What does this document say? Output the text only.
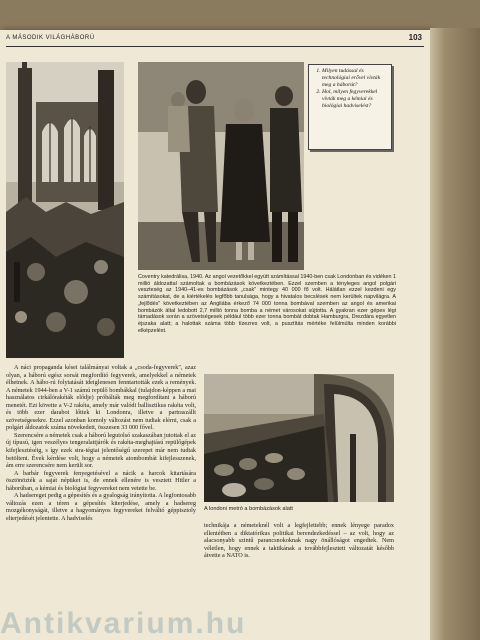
A MÁSODIK VILÁGHÁBORÚ	103
1. Milyen tudással és technológiai erővel vívták meg a háborút?
2. Hol, milyen fegyverekkel vívták meg a kémiai és biológiai hadviselést?

Coventry katedrálisa, 1940. Az angol vezetőkkel együtt számítással 1940-ben csak Londonban és vidéken 1 millió áldozattal számoltak a bombázások következtében. Ezzel szemben a tényleges angol polgári veszteség az 1940–41-es bombázások „csak" mintegy 40 000 fő volt. Hálátlan ezzel kezdeni egy számításokat, de a kiértékelés legfőbb tanulsága, hogy a hivatalos becslések nem kerültek napvilágra. A „fejlődés" következtében az Angliába érkező 74 000 tonna bombával szemben az angol és amerikai bombázók által ledobott 2,7 millió tonna bomba a német városokat sújtotta. A gyakran ezer gépes légi támadások során a szövetségesek például több ezer tonna bombát dobtak Hamburgra, Drezdára egyetlen éjszaka alatt; a halottak száma több tízezres volt, a pusztítás mértéke felülmúlta minden korábbi elképzelést.

A náci propaganda kései találmányai voltak a „csoda-fegyverek", azaz olyan, a háború egész sorsát megfordító fegyverek, amelyekkel a németek élhetnek. A hábo-rú folytatását ideiglenesen fenntartották ezek a remények. A németek 1944-ben a V-1 számú repülő bombákkal (tulajdon-képpen a mai használatos cirkálórakéták elődje) próbálták meg megfordítani a háború menetét. Ezt követte a V-2 rakéta, amely már valódi ballisztikus rakéta volt, és több ezer darabot lőttek ki Londonra, illetve a partraszállt szövetségesekre. Ezzel azonban komoly változást nem tudtak elérni, csak a polgári áldozatok száma növekedett, összesen 33 000 fővel.

Szerencsére a németek csak a háború legutolsó szakaszában jutottak el az új típusú, igen veszélyes tengeralattjárók és rakéta-meghajtású repülőgépek kifejlesztéséig, s így ezek stra-tégiai jelentőségű szerepet már nem tudtak betölteni. Évek kérdése volt, hogy a németek atombombát kifejlesszenek, ám erre szerencsére nem került sor.

A barbár fegyverek fenyegetésével a nácik a harcok kitartására ösztönözték a saját népüket is, de ennek ellenére is vesztett Hitler a háborúban, a kémiai és biológiai fegyvereket nem vetette be.

A hadsereget pedig a gépesítés és a gyalogság irányította. A legfontosabb változás ezen a téren a gépesítés kiterjedése, amely a hadsereg mozgékonyságát, illetve a hagyományos fegyvereket felváltó géppisztoly elterjedését jelentette. A hadviselés

A londoni metró a bombázások alatt

technikája a németeknél volt a legfejlettebb; ennek lényege paradox ellentétben a diktatórikus politikai berendezkedéssel – az volt, hogy az alacsonyabb szintű parancsnokoknak nagy önállóságot engedtek. Nem véletlen, hogy ennek a taktikának a továbbfejlesztett változatát később átvette a NATO is.

Antikvarium.hu
